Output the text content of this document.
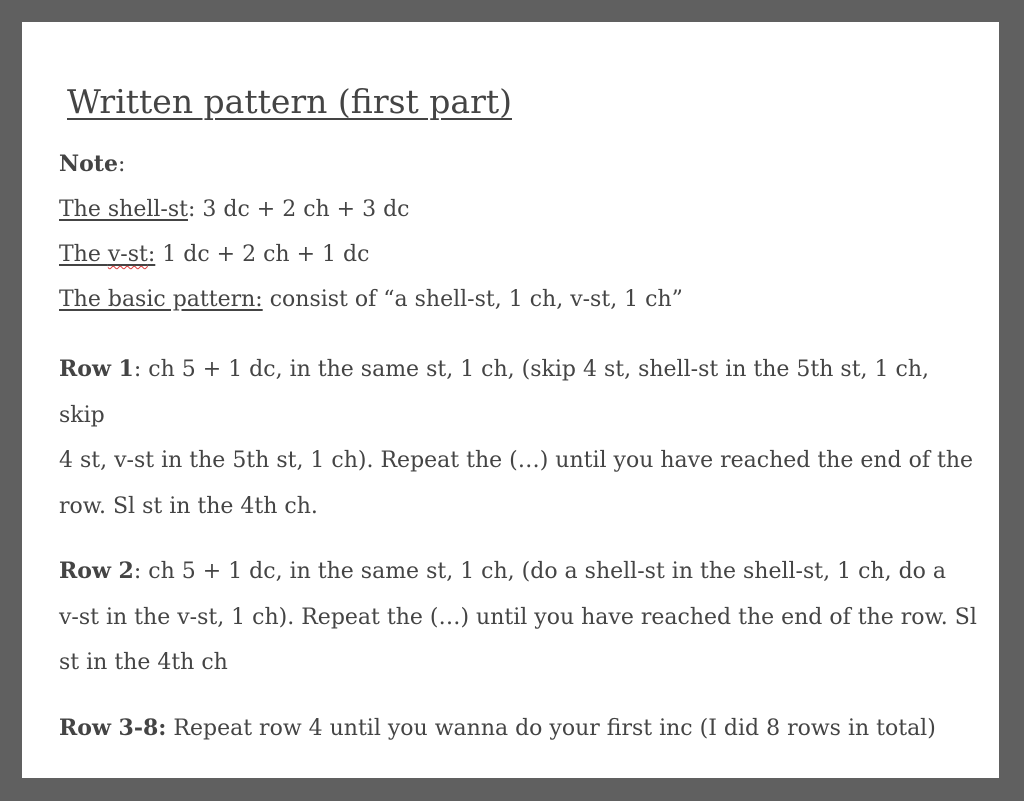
Written pattern (first part)
Note:
The shell-st: 3 dc + 2 ch + 3 dc
The v-st: 1 dc + 2 ch + 1 dc
The basic pattern: consist of “a shell-st, 1 ch, v-st, 1 ch”
Row 1: ch 5 + 1 dc, in the same st, 1 ch, (skip 4 st, shell-st in the 5th st, 1 ch, skip
4 st, v-st in the 5th st, 1 ch). Repeat the (…) until you have reached the end of the
row. Sl st in the 4th ch.
Row 2: ch 5 + 1 dc, in the same st, 1 ch, (do a shell-st in the shell-st, 1 ch, do a
v-st in the v-st, 1 ch). Repeat the (…) until you have reached the end of the row. Sl
st in the 4th ch
Row 3-8: Repeat row 4 until you wanna do your first inc (I did 8 rows in total)
